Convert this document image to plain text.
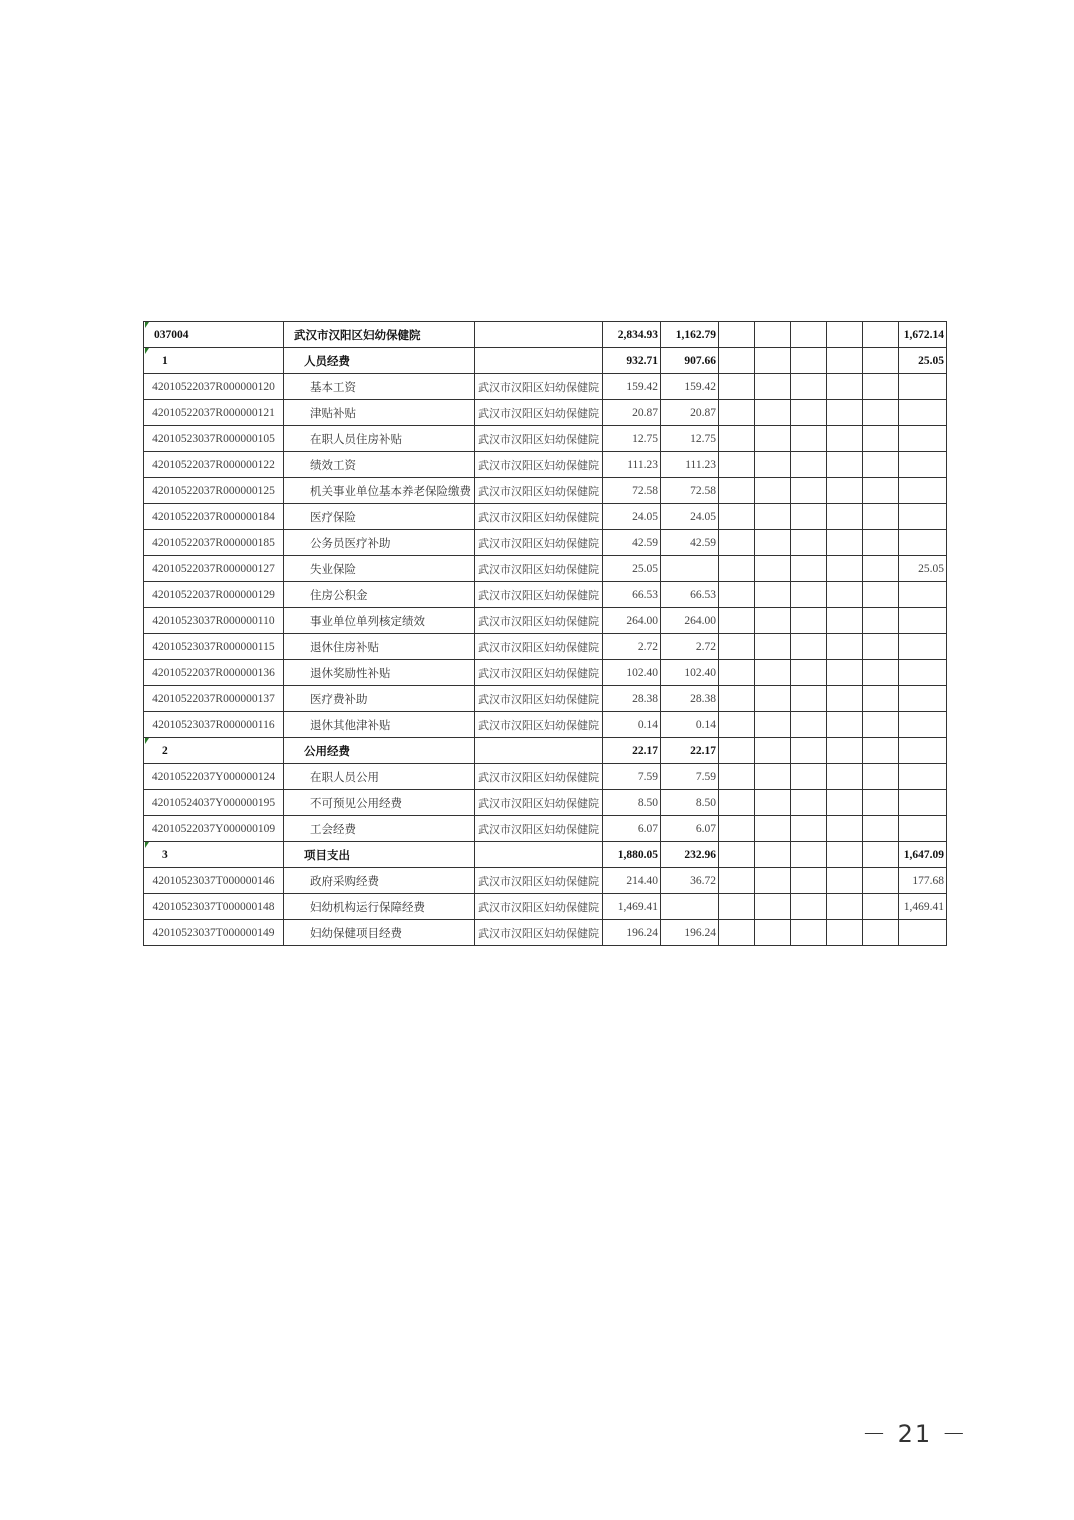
037004	武汉市汉阳区妇幼保健院		2,834.93	1,162.79						1,672.14

1	人员经费		932.71	907.66						25.05
42010522037R000000120	基本工资	武汉市汉阳区妇幼保健院	159.42	159.42						
42010522037R000000121	津贴补贴	武汉市汉阳区妇幼保健院	20.87	20.87						
42010523037R000000105	在职人员住房补贴	武汉市汉阳区妇幼保健院	12.75	12.75						
42010522037R000000122	绩效工资	武汉市汉阳区妇幼保健院	111.23	111.23						
42010522037R000000125	机关事业单位基本养老保险缴费	武汉市汉阳区妇幼保健院	72.58	72.58						
42010522037R000000184	医疗保险	武汉市汉阳区妇幼保健院	24.05	24.05						
42010522037R000000185	公务员医疗补助	武汉市汉阳区妇幼保健院	42.59	42.59						
42010522037R000000127	失业保险	武汉市汉阳区妇幼保健院	25.05							25.05
42010522037R000000129	住房公积金	武汉市汉阳区妇幼保健院	66.53	66.53						
42010523037R000000110	事业单位单列核定绩效	武汉市汉阳区妇幼保健院	264.00	264.00						
42010523037R000000115	退休住房补贴	武汉市汉阳区妇幼保健院	2.72	2.72						
42010522037R000000136	退休奖励性补贴	武汉市汉阳区妇幼保健院	102.40	102.40						
42010522037R000000137	医疗费补助	武汉市汉阳区妇幼保健院	28.38	28.38						
42010523037R000000116	退休其他津补贴	武汉市汉阳区妇幼保健院	0.14	0.14						

2	公用经费		22.17	22.17						
42010522037Y000000124	在职人员公用	武汉市汉阳区妇幼保健院	7.59	7.59						
42010524037Y000000195	不可预见公用经费	武汉市汉阳区妇幼保健院	8.50	8.50						
42010522037Y000000109	工会经费	武汉市汉阳区妇幼保健院	6.07	6.07						

3	项目支出		1,880.05	232.96						1,647.09
42010523037T000000146	政府采购经费	武汉市汉阳区妇幼保健院	214.40	36.72						177.68
42010523037T000000148	妇幼机构运行保障经费	武汉市汉阳区妇幼保健院	1,469.41							1,469.41
42010523037T000000149	妇幼保健项目经费	武汉市汉阳区妇幼保健院	196.24	196.24						
－ 21 －
